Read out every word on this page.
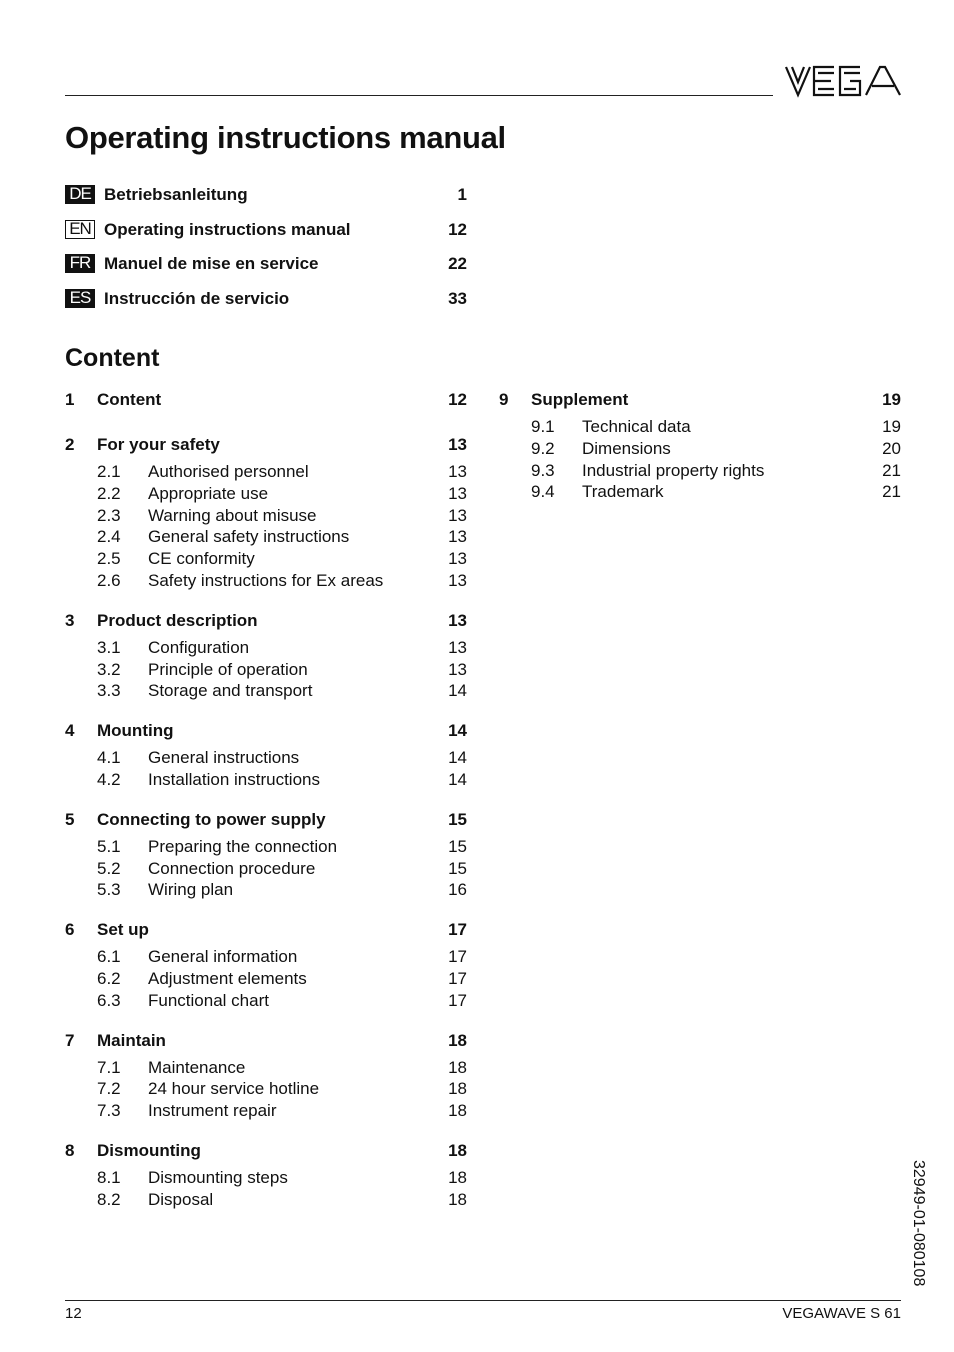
Operating instructions manual
DE Betriebsanleitung	1
EN Operating instructions manual	12
FR Manuel de mise en service	22
ES Instrucción de servicio	33
Content
1 Content	12
2 For your safety	13
2.1 Authorised personnel	13
2.2 Appropriate use	13
2.3 Warning about misuse	13
2.4 General safety instructions	13
2.5 CE conformity	13
2.6 Safety instructions for Ex areas	13
3 Product description	13
3.1 Configuration	13
3.2 Principle of operation	13
3.3 Storage and transport	14
4 Mounting	14
4.1 General instructions	14
4.2 Installation instructions	14
5 Connecting to power supply	15
5.1 Preparing the connection	15
5.2 Connection procedure	15
5.3 Wiring plan	16
6 Set up	17
6.1 General information	17
6.2 Adjustment elements	17
6.3 Functional chart	17
7 Maintain	18
7.1 Maintenance	18
7.2 24 hour service hotline	18
7.3 Instrument repair	18
8 Dismounting	18
8.1 Dismounting steps	18
8.2 Disposal	18
9 Supplement	19
9.1 Technical data	19
9.2 Dimensions	20
9.3 Industrial property rights	21
9.4 Trademark	21
32949-01-080108
12	VEGAWAVE S 61
